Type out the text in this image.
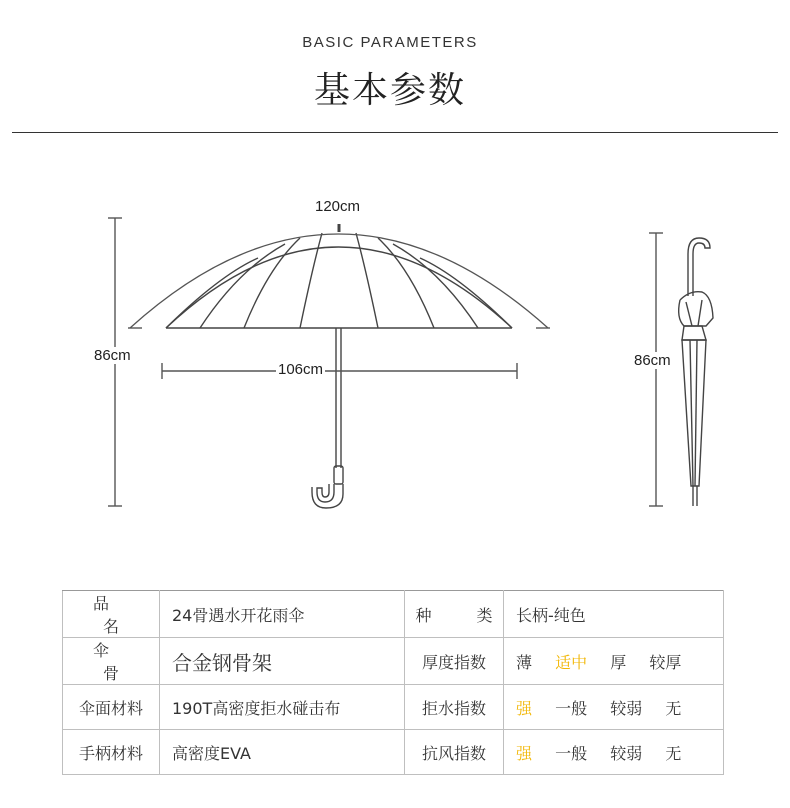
BASIC PARAMETERS
基本参数
120cm
106cm
86cm	86cm
品 名	24骨遇水开花雨伞	种 类	长柄-纯色
伞 骨	合金钢骨架	厚度指数	薄 适中 厚 较厚
伞面材料	190T高密度拒水碰击布	拒水指数	强 一般 较弱 无
手柄材料	高密度EVA	抗风指数	强 一般 较弱 无
